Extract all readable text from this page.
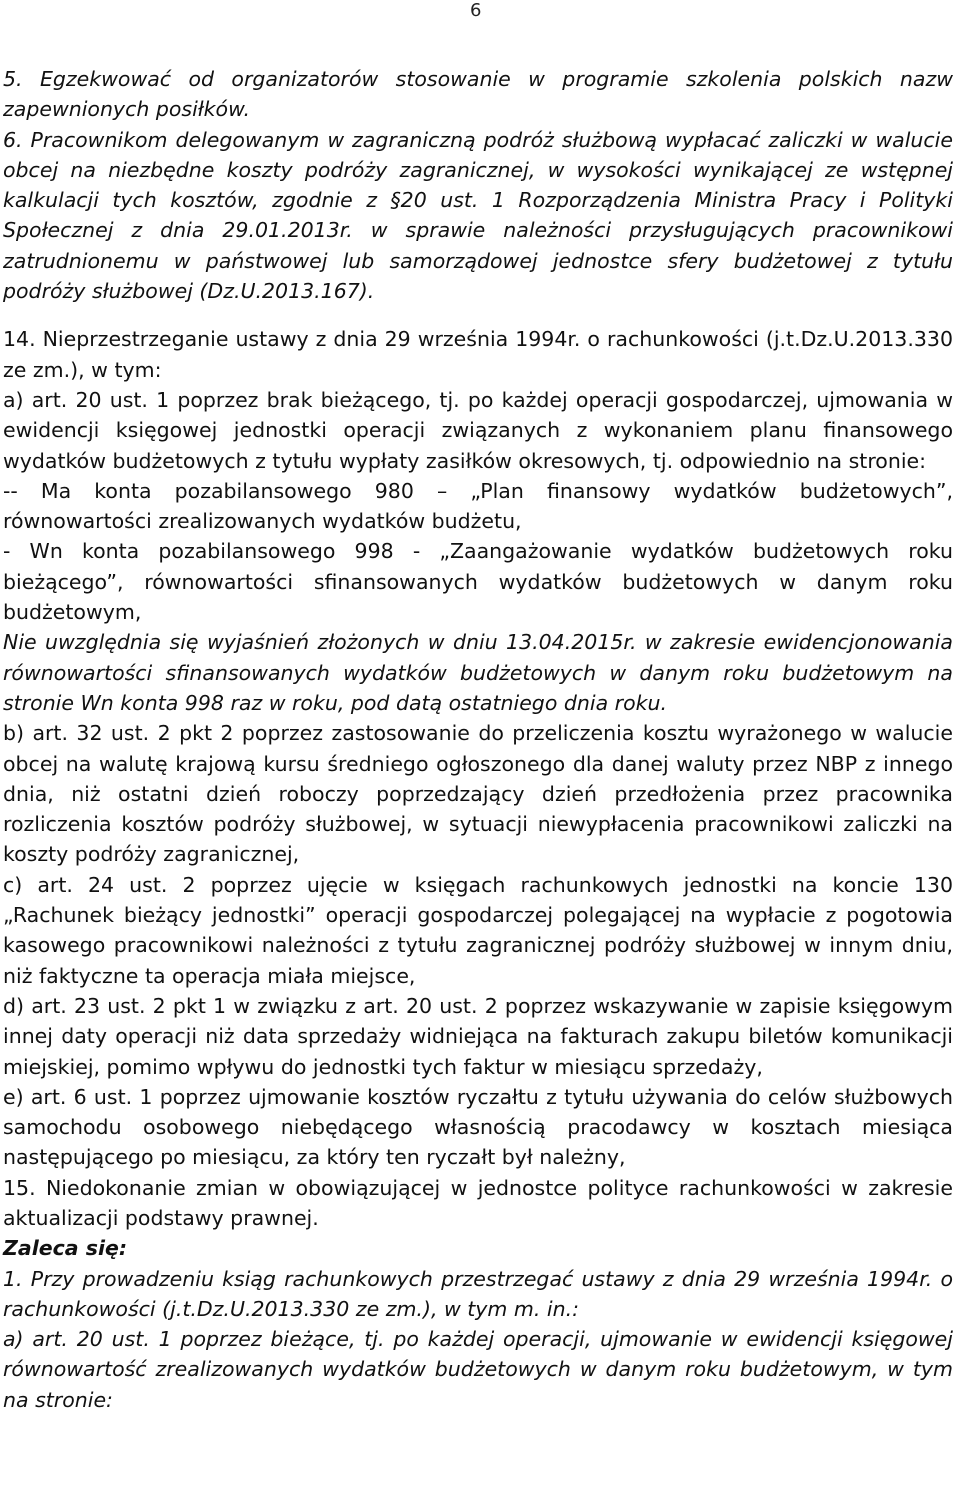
6

5. Egzekwować od organizatorów stosowanie w programie szkolenia polskich nazw zapewnionych posiłków.

6. Pracownikom delegowanym w zagraniczną podróż służbową wypłacać zaliczki w walucie obcej na niezbędne koszty podróży zagranicznej, w wysokości wynikającej ze wstępnej kalkulacji tych kosztów, zgodnie z §20 ust. 1 Rozporządzenia Ministra Pracy i Polityki Społecznej z dnia 29.01.2013r. w sprawie należności przysługujących pracownikowi zatrudnionemu w państwowej lub samorządowej jednostce sfery budżetowej z tytułu podróży służbowej (Dz.U.2013.167).

14. Nieprzestrzeganie ustawy z dnia 29 września 1994r. o rachunkowości (j.t.Dz.U.2013.330 ze zm.), w tym:

a) art. 20 ust. 1 poprzez brak bieżącego, tj. po każdej operacji gospodarczej, ujmowania w ewidencji księgowej jednostki operacji związanych z wykonaniem planu finansowego wydatków budżetowych z tytułu wypłaty zasiłków okresowych, tj. odpowiednio na stronie:

-- Ma konta pozabilansowego 980 – „Plan finansowy wydatków budżetowych”, równowartości zrealizowanych wydatków budżetu,

- Wn konta pozabilansowego 998 - „Zaangażowanie wydatków budżetowych roku bieżącego”, równowartości sfinansowanych wydatków budżetowych w danym roku budżetowym,

Nie uwzględnia się wyjaśnień złożonych w dniu 13.04.2015r. w zakresie ewidencjonowania równowartości sfinansowanych wydatków budżetowych w danym roku budżetowym na stronie Wn konta 998 raz w roku, pod datą ostatniego dnia roku.

b) art. 32 ust. 2 pkt 2 poprzez zastosowanie do przeliczenia kosztu wyrażonego w walucie obcej na walutę krajową kursu średniego ogłoszonego dla danej waluty przez NBP z innego dnia, niż ostatni dzień roboczy poprzedzający dzień przedłożenia przez pracownika rozliczenia kosztów podróży służbowej, w sytuacji niewypłacenia pracownikowi zaliczki na koszty podróży zagranicznej,

c) art. 24 ust. 2 poprzez ujęcie w księgach rachunkowych jednostki na koncie 130 „Rachunek bieżący jednostki” operacji gospodarczej polegającej na wypłacie z pogotowia kasowego pracownikowi należności z tytułu zagranicznej podróży służbowej w innym dniu, niż faktyczne ta operacja miała miejsce,

d) art. 23 ust. 2 pkt 1 w związku z art. 20 ust. 2 poprzez wskazywanie w zapisie księgowym innej daty operacji niż data sprzedaży widniejąca na fakturach zakupu biletów komunikacji miejskiej, pomimo wpływu do jednostki tych faktur w miesiącu sprzedaży,

e) art. 6 ust. 1 poprzez ujmowanie kosztów ryczałtu z tytułu używania do celów służbowych samochodu osobowego niebędącego własnością pracodawcy w kosztach miesiąca następującego po miesiącu, za który ten ryczałt był należny,

15. Niedokonanie zmian w obowiązującej w jednostce polityce rachunkowości w zakresie aktualizacji podstawy prawnej.

Zaleca się:

1. Przy prowadzeniu ksiąg rachunkowych przestrzegać ustawy z dnia 29 września 1994r. o rachunkowości (j.t.Dz.U.2013.330 ze zm.), w tym m. in.:

a) art. 20 ust. 1 poprzez bieżące, tj. po każdej operacji, ujmowanie w ewidencji księgowej równowartość zrealizowanych wydatków budżetowych w danym roku budżetowym, w tym na stronie:
